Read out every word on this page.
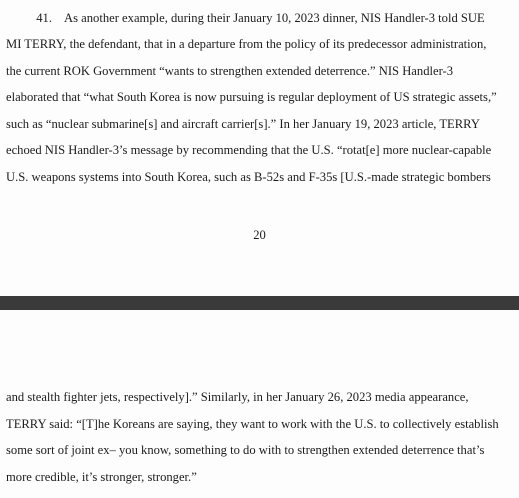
41. As another example, during their January 10, 2023 dinner, NIS Handler-3 told SUE
MI TERRY, the defendant, that in a departure from the policy of its predecessor administration,
the current ROK Government “wants to strengthen extended deterrence.” NIS Handler-3
elaborated that “what South Korea is now pursuing is regular deployment of US strategic assets,”
such as “nuclear submarine[s] and aircraft carrier[s].” In her January 19, 2023 article, TERRY
echoed NIS Handler-3’s message by recommending that the U.S. “rotat[e] more nuclear-capable
U.S. weapons systems into South Korea, such as B-52s and F-35s [U.S.-made strategic bombers
20
and stealth fighter jets, respectively].” Similarly, in her January 26, 2023 media appearance,
TERRY said: “[T]he Koreans are saying, they want to work with the U.S. to collectively establish
some sort of joint ex– you know, something to do with to strengthen extended deterrence that’s
more credible, it’s stronger, stronger.”
